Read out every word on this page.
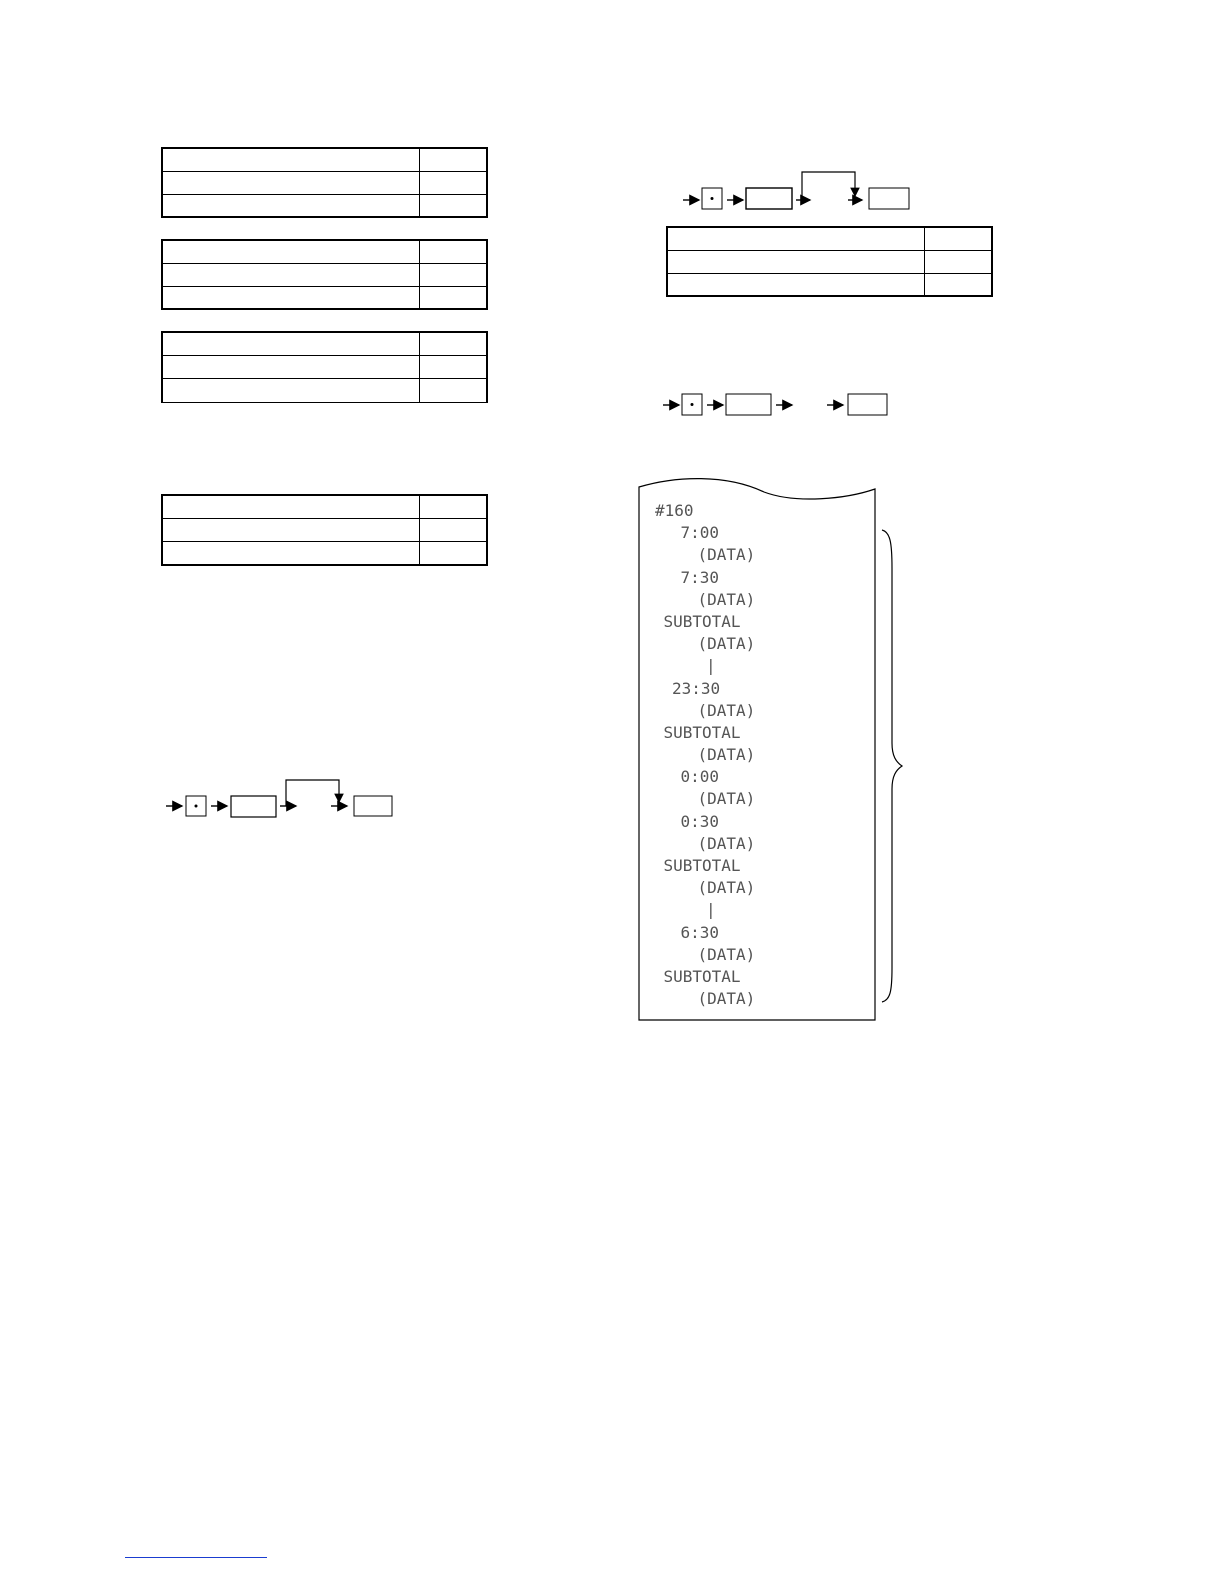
#160
7:00
(DATA)
7:30
(DATA)
SUBTOTAL
(DATA)
|
23:30
(DATA)
SUBTOTAL
(DATA)
0:00
(DATA)
0:30
(DATA)
SUBTOTAL
(DATA)
|
6:30
(DATA)
SUBTOTAL
(DATA)
